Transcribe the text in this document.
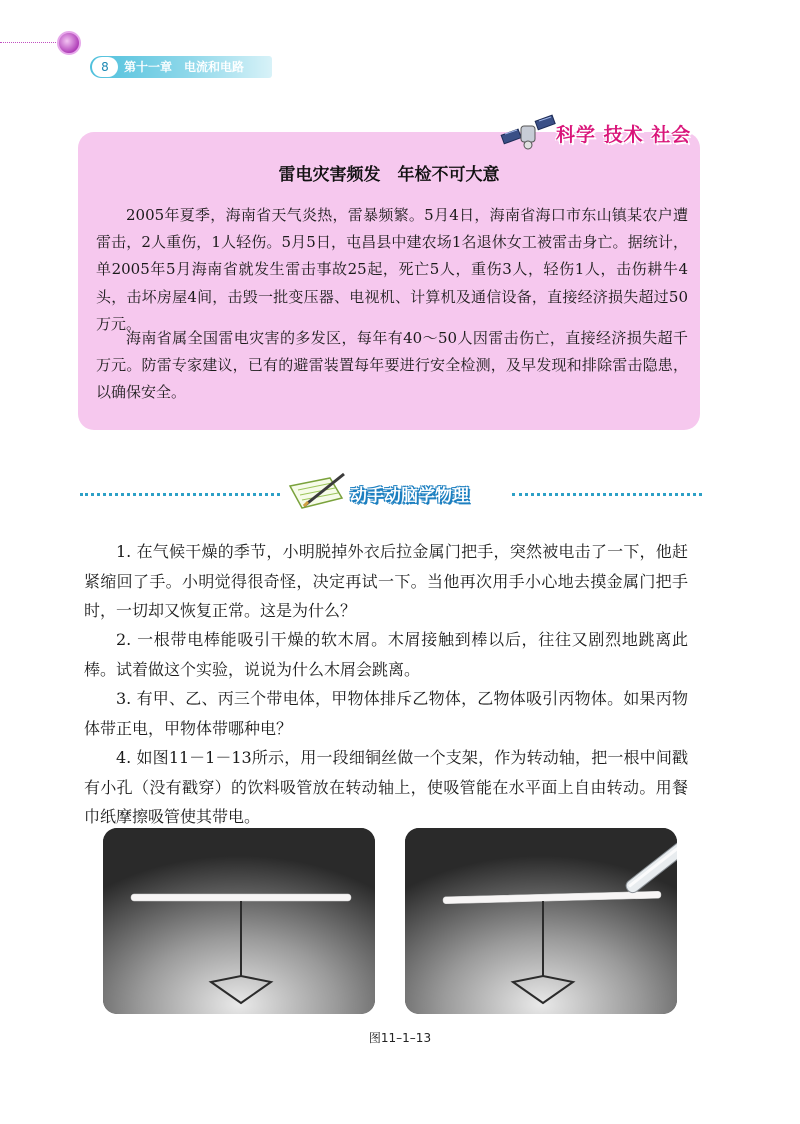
8	第十一章　电流和电路
科学 技术 社会
雷电灾害频发　年检不可大意

2005年夏季，海南省天气炎热，雷暴频繁。5月4日，海南省海口市东山镇某农户遭雷击，2人重伤，1人轻伤。5月5日，屯昌县中建农场1名退休女工被雷击身亡。据统计，单2005年5月海南省就发生雷击事故25起，死亡5人，重伤3人，轻伤1人，击伤耕牛4头，击坏房屋4间，击毁一批变压器、电视机、计算机及通信设备，直接经济损失超过50万元。

海南省属全国雷电灾害的多发区，每年有40～50人因雷击伤亡，直接经济损失超千万元。防雷专家建议，已有的避雷装置每年要进行安全检测，及早发现和排除雷击隐患，以确保安全。

动手动脑学物理

1. 在气候干燥的季节，小明脱掉外衣后拉金属门把手，突然被电击了一下，他赶紧缩回了手。小明觉得很奇怪，决定再试一下。当他再次用手小心地去摸金属门把手时，一切却又恢复正常。这是为什么？

2. 一根带电棒能吸引干燥的软木屑。木屑接触到棒以后，往往又剧烈地跳离此棒。试着做这个实验，说说为什么木屑会跳离。

3. 有甲、乙、丙三个带电体，甲物体排斥乙物体，乙物体吸引丙物体。如果丙物体带正电，甲物体带哪种电？

4. 如图11－1－13所示，用一段细铜丝做一个支架，作为转动轴，把一根中间戳有小孔（没有戳穿）的饮料吸管放在转动轴上，使吸管能在水平面上自由转动。用餐巾纸摩擦吸管使其带电。

图11–1–13
